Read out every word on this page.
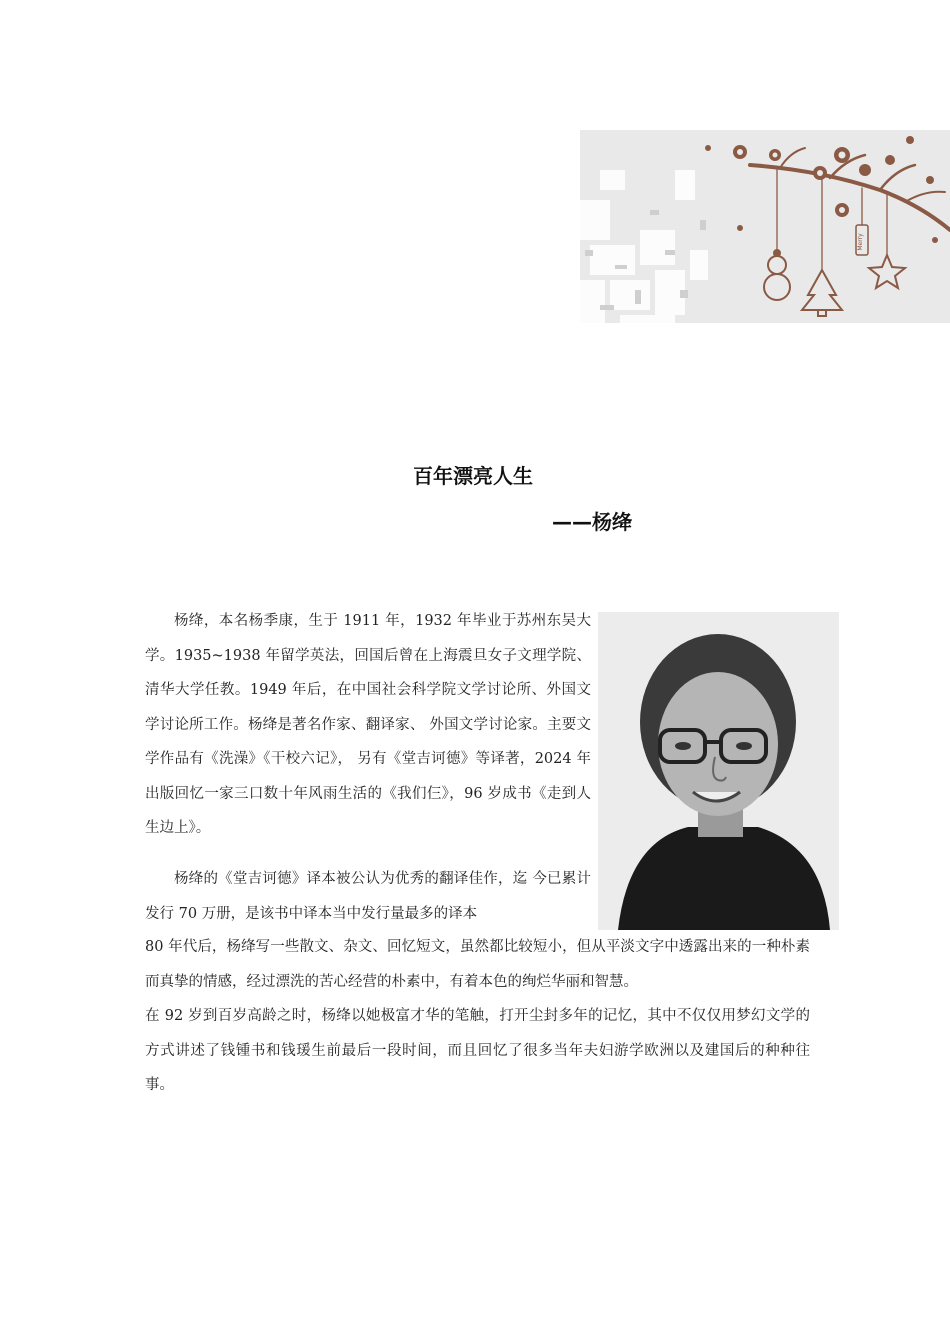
Merry
百年漂亮人生
——杨绛

杨绛，本名杨季康，生于 1911 年，1932 年毕业于苏州东吴大学。1935~1938 年留学英法，回国后曾在上海震旦女子文理学院、清华大学任教。1949 年后，在中国社会科学院文学讨论所、外国文学讨论所工作。杨绛是著名作家、翻译家、 外国文学讨论家。主要文学作品有《洗澡》《干校六记》， 另有《堂吉诃德》等译著，2024 年出版回忆一家三口数十年风雨生活的《我们仨》，96 岁成书《走到人生边上》。

杨绛的《堂吉诃德》译本被公认为优秀的翻译佳作，迄 今已累计发行 70 万册，是该书中译本当中发行量最多的译本

80 年代后，杨绛写一些散文、杂文、回忆短文，虽然都比较短小，但从平淡文字中透露出来的一种朴素而真挚的情感，经过漂洗的苦心经营的朴素中，有着本色的绚烂华丽和智慧。

在 92 岁到百岁高龄之时，杨绛以她极富才华的笔触，打开尘封多年的记忆，其中不仅仅用梦幻文学的方式讲述了钱锺书和钱瑗生前最后一段时间，而且回忆了很多当年夫妇游学欧洲以及建国后的种种往事。
